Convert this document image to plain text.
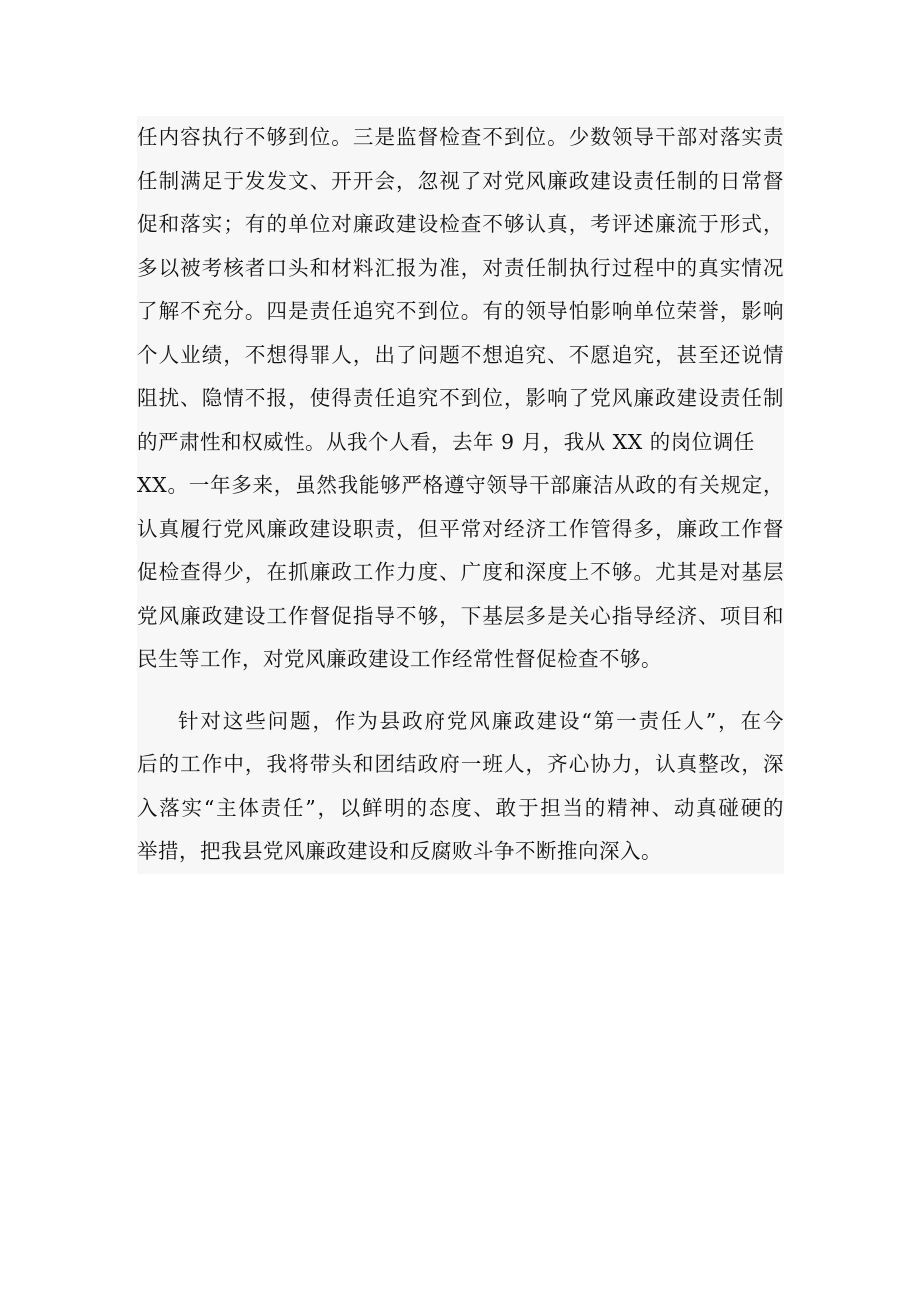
任内容执行不够到位。三是监督检查不到位。少数领导干部对落实责
任制满足于发发文、开开会，忽视了对党风廉政建设责任制的日常督
促和落实；有的单位对廉政建设检查不够认真，考评述廉流于形式，
多以被考核者口头和材料汇报为准，对责任制执行过程中的真实情况
了解不充分。四是责任追究不到位。有的领导怕影响单位荣誉，影响
个人业绩，不想得罪人，出了问题不想追究、不愿追究，甚至还说情
阻扰、隐情不报，使得责任追究不到位，影响了党风廉政建设责任制
的严肃性和权威性。从我个人看，去年 9 月，我从 XX 的岗位调任
XX。一年多来，虽然我能够严格遵守领导干部廉洁从政的有关规定，
认真履行党风廉政建设职责，但平常对经济工作管得多，廉政工作督
促检查得少，在抓廉政工作力度、广度和深度上不够。尤其是对基层
党风廉政建设工作督促指导不够，下基层多是关心指导经济、项目和
民生等工作，对党风廉政建设工作经常性督促检查不够。
针对这些问题，作为县政府党风廉政建设“第一责任人”，在今
后的工作中，我将带头和团结政府一班人，齐心协力，认真整改，深
入落实“主体责任”，以鲜明的态度、敢于担当的精神、动真碰硬的
举措，把我县党风廉政建设和反腐败斗争不断推向深入。
